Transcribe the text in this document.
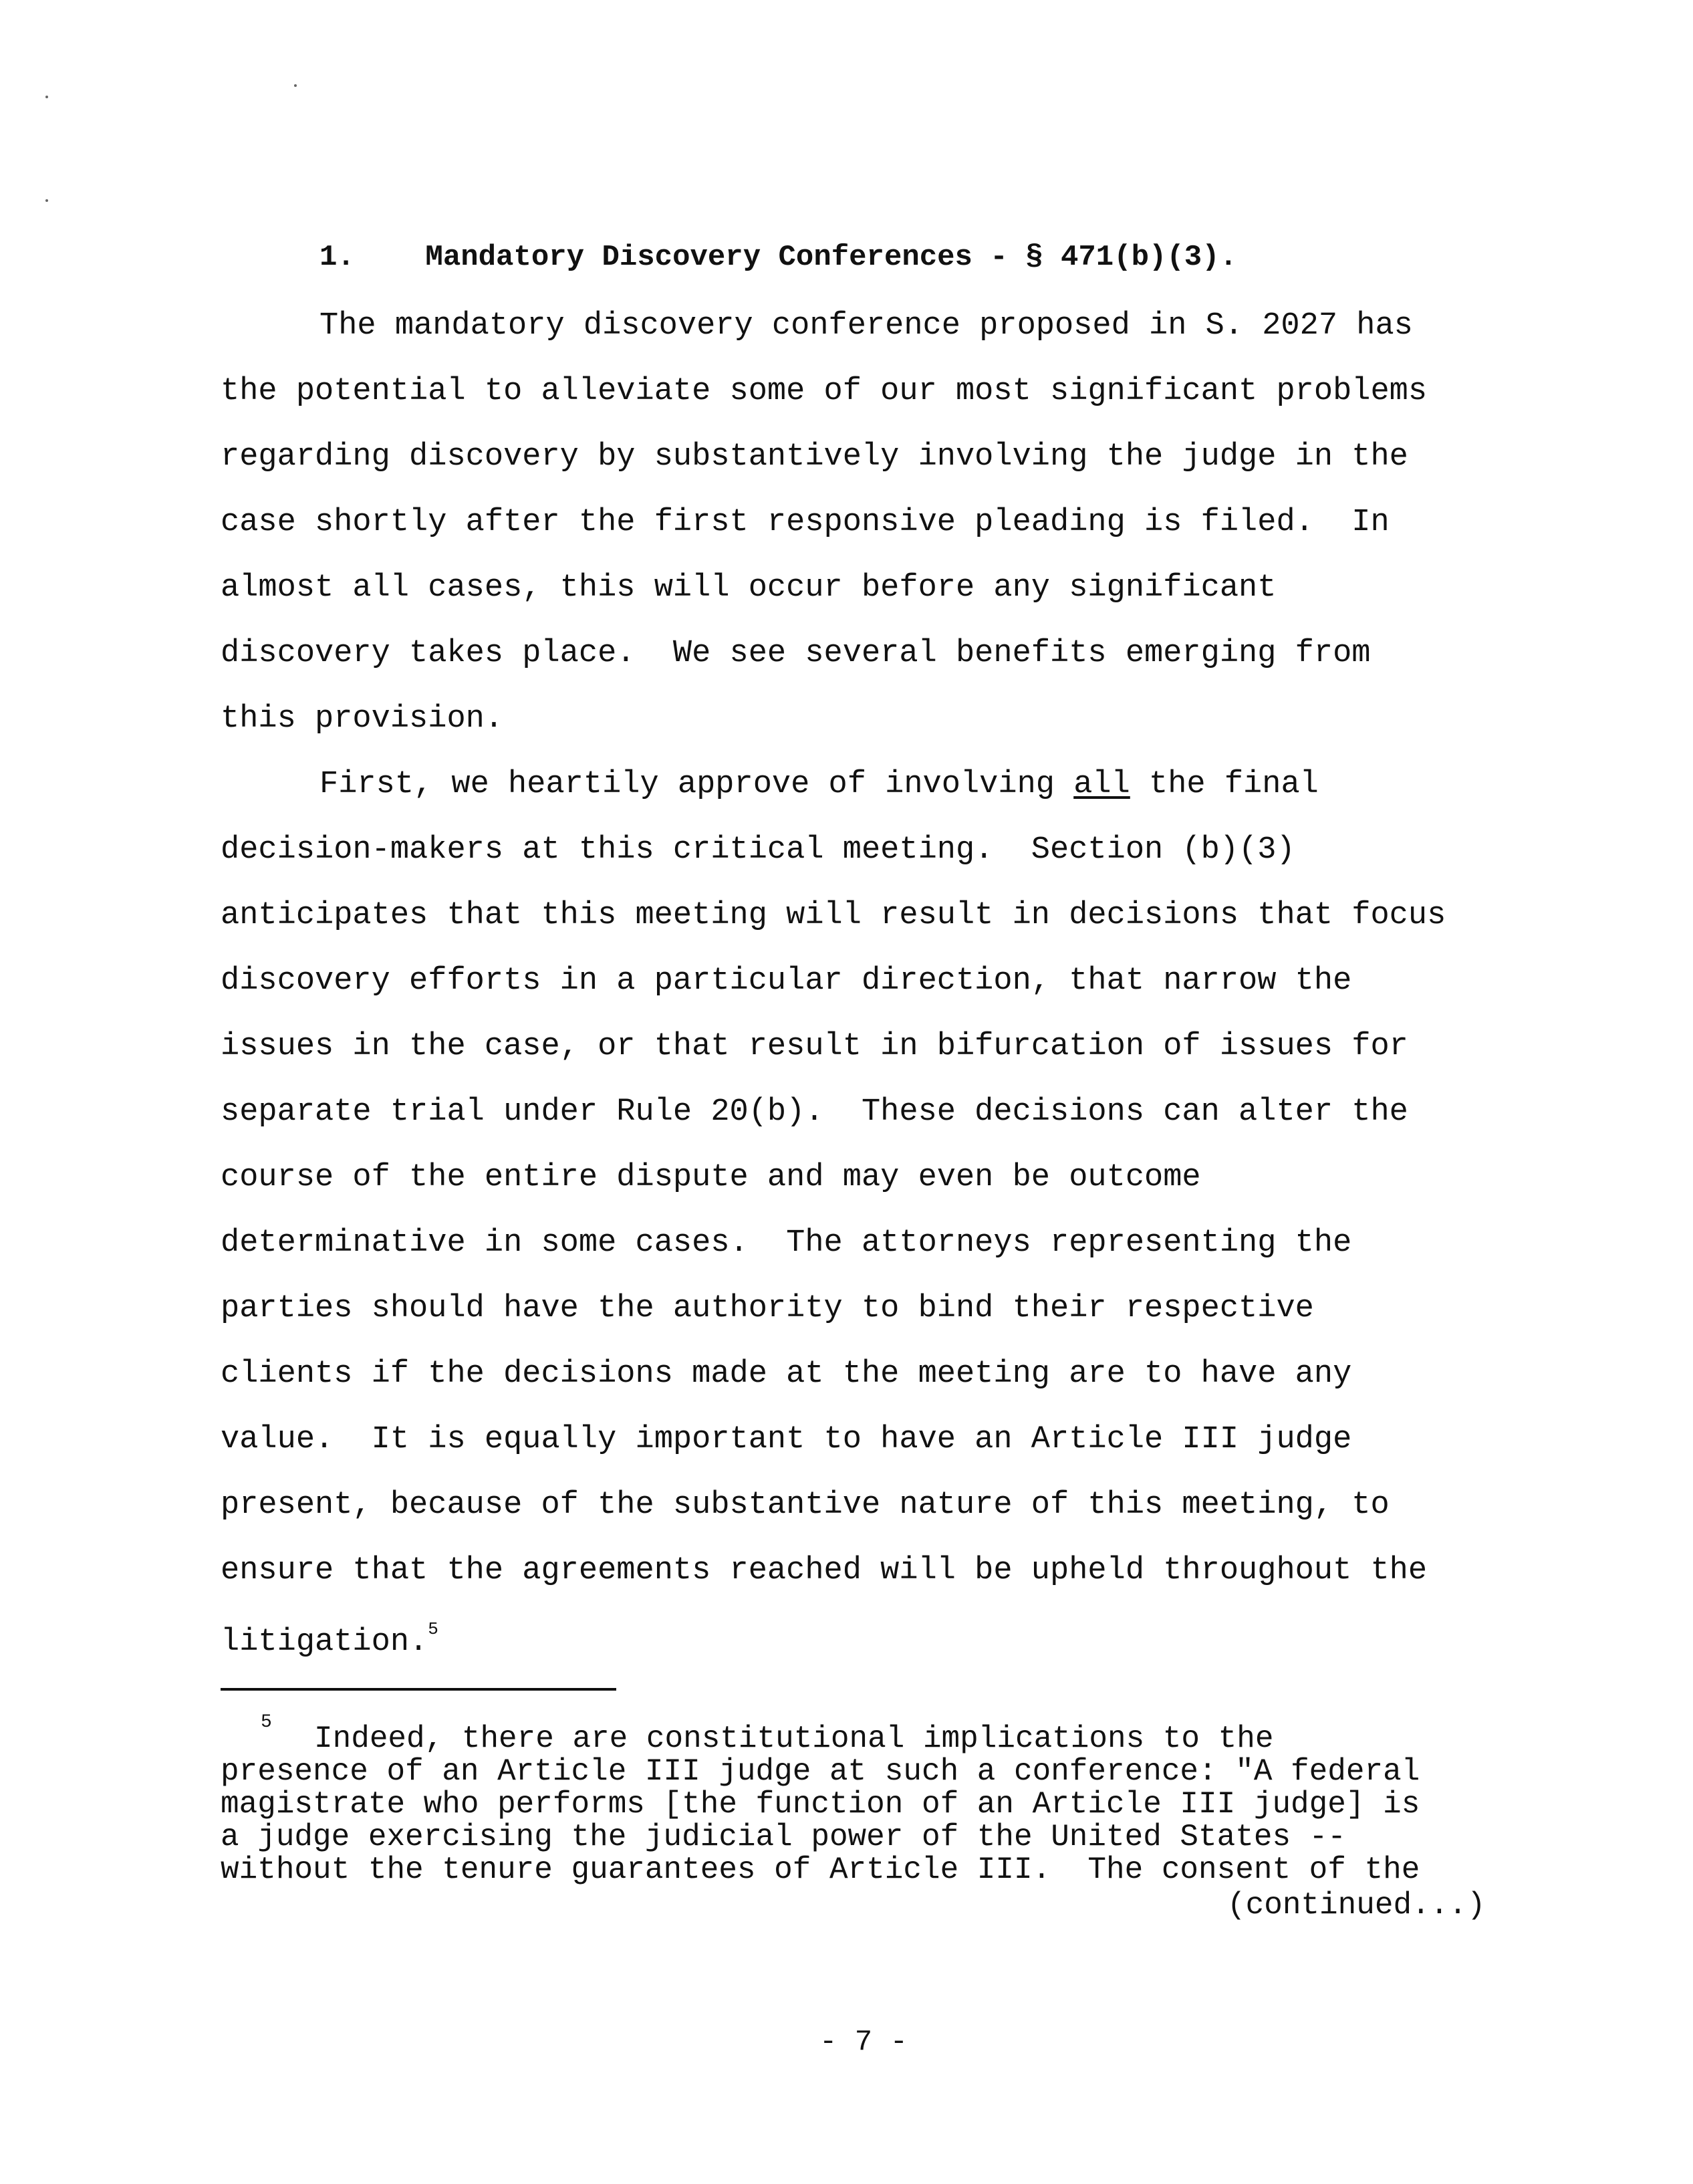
1.    Mandatory Discovery Conferences - § 471(b)(3).
The mandatory discovery conference proposed in S. 2027 has
the potential to alleviate some of our most significant problems
regarding discovery by substantively involving the judge in the
case shortly after the first responsive pleading is filed.  In
almost all cases, this will occur before any significant
discovery takes place.  We see several benefits emerging from
this provision.
First, we heartily approve of involving all the final
decision-makers at this critical meeting.  Section (b)(3)
anticipates that this meeting will result in decisions that focus
discovery efforts in a particular direction, that narrow the
issues in the case, or that result in bifurcation of issues for
separate trial under Rule 20(b).  These decisions can alter the
course of the entire dispute and may even be outcome
determinative in some cases.  The attorneys representing the
parties should have the authority to bind their respective
clients if the decisions made at the meeting are to have any
value.  It is equally important to have an Article III judge
present, because of the substantive nature of this meeting, to
ensure that the agreements reached will be upheld throughout the
litigation.$^5$
5 Indeed, there are constitutional implications to the
presence of an Article III judge at such a conference: "A federal
magistrate who performs [the function of an Article III judge] is
a judge exercising the judicial power of the United States --
without the tenure guarantees of Article III.  The consent of the
(continued...)
- 7 -
